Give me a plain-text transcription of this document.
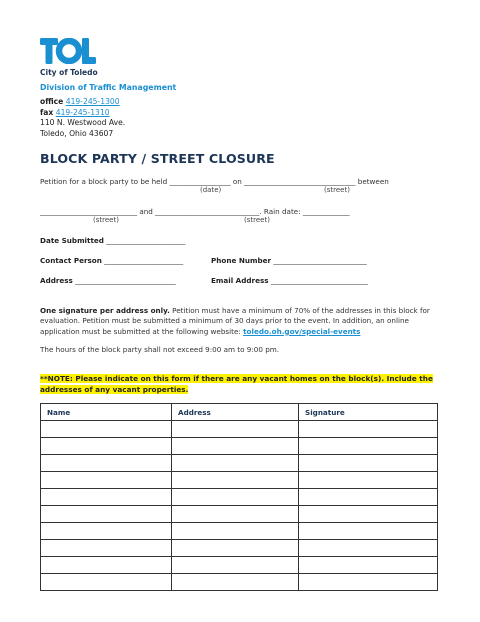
City of Toledo
Division of Traffic Management
office 419-245-1300
fax 419-245-1310
110 N. Westwood Ave.
Toledo, Ohio 43607
BLOCK PARTY / STREET CLOSURE
Petition for a block party to be held _________________ on _______________________________ between
(date)	(street)
___________________________ and _____________________________. Rain date: _____________
(street)	(street)
Date Submitted ______________________
Contact Person ______________________	Phone Number __________________________
Address ____________________________	Email Address ___________________________
One signature per address only. Petition must have a minimum of 70% of the addresses in this block for evaluation. Petition must be submitted a minimum of 30 days prior to the event. In addition, an online application must be submitted at the following website: toledo.oh.gov/special-events
The hours of the block party shall not exceed 9:00 am to 9:00 pm.
**NOTE: Please indicate on this form if there are any vacant homes on the block(s). Include the addresses of any vacant properties.
Name	Address	Signature
